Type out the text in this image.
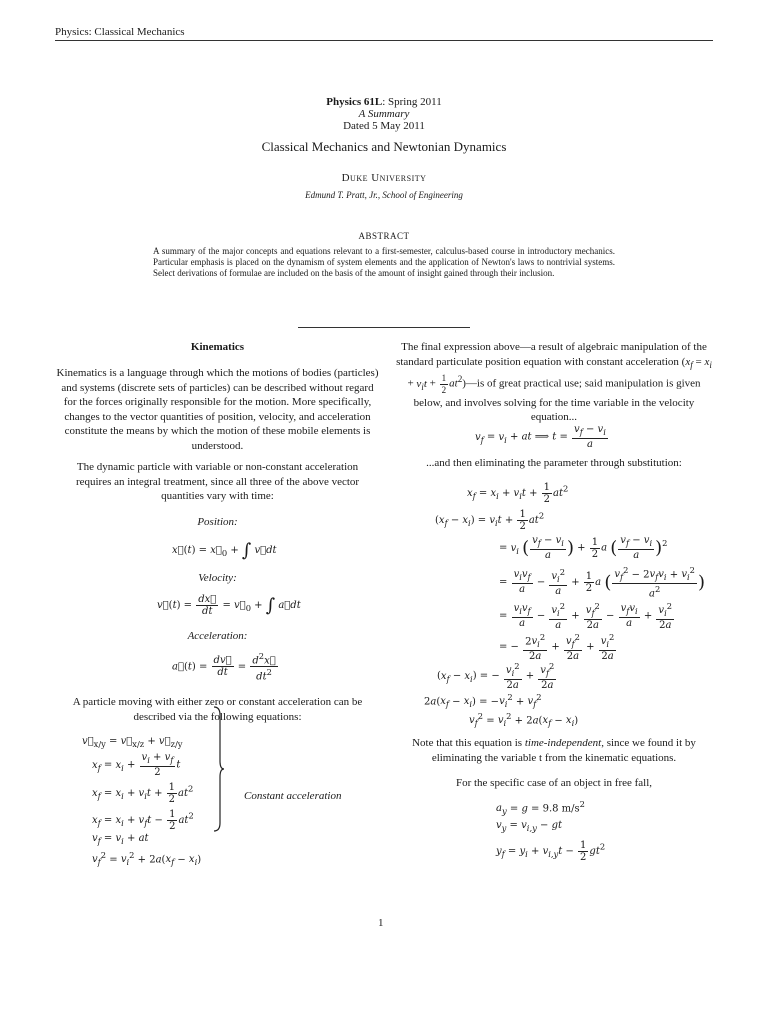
Physics: Classical Mechanics
Physics 61L: Spring 2011
A Summary
Dated 5 May 2011
Classical Mechanics and Newtonian Dynamics
Duke University
Edmund T. Pratt, Jr., School of Engineering
ABSTRACT
A summary of the major concepts and equations relevant to a first-semester, calculus-based course in introductory mechanics. Particular emphasis is placed on the dynamism of system elements and the application of Newton's laws to nontrivial systems. Select derivations of formulae are included on the basis of the amount of insight gained through their inclusion.
Kinematics
Kinematics is a language through which the motions of bodies (particles) and systems (discrete sets of particles) can be described without regard for the forces originally responsible for the motion. More specifically, changes to the vector quantities of position, velocity, and acceleration constitute the means by which the motion of these mobile elements is understood.
The dynamic particle with variable or non-constant acceleration requires an integral treatment, since all three of the above vector quantities vary with time:
Position:
x⃗(t) = $x⃗_0$ + ∫ v⃗dt
Velocity:
v⃗(t) = $\frac{dx⃗}{dt}$ = $v⃗_0$ + ∫ a⃗dt
Acceleration:
a⃗(t) = $\frac{dv⃗}{dt} = \frac{d^2x⃗}{dt^2}$
A particle moving with either zero or constant acceleration can be described via the following equations:
$v⃗_{x/y}$ = $v⃗_{x/z}$ + $v⃗_{z/y}$
$x_f = x_i + \frac{v_i + v_f}{2}$ t
$x_f = x_i + v_it + \frac{1}{2} at^2$
$x_f = x_i + v_ft - \frac{1}{2} at^2$
$v_f = v_i$ + at
$v_f^2 = v_i^2 + 2a(x_f - x_i)$
Constant acceleration
The final expression above—a result of algebraic manipulation of the standard particulate position equation with constant acceleration ($x_f = x_i + v_it + \frac{1}{2}$ $at^2)—is$ of great practical use; said manipulation is given below, and involves solving for the time variable in the velocity equation...
$v_f = v_i$ + at ⟹ $t = \frac{v_f - v_i}{a}$
...and then eliminating the parameter through substitution:
$x_f = x_i + v_it + \frac{1}{2} at^2$
$(x_f - x_i) = v_it + \frac{1}{2} at^2$
= $v_i$ ( $\frac{v_f - v_i}{a}$ ) + $\frac{1}{2}$ a ( $\frac{v_f - v_i}{a} )^2$
= $\frac{v_iv_f}{a} - \frac{v_i^2}{a} + \frac{1}{2}$ a ( $\frac{v_f^2 - 2v_fv_i + v_i^2}{a^2}$ )
= $\frac{v_iv_f}{a} - \frac{v_i^2}{a} + \frac{v_f^2}{2a} - \frac{v_fv_i}{a} + \frac{v_i^2}{2a}$
= − $\frac{2v_i^2}{2a} + \frac{v_f^2}{2a} + \frac{v_i^2}{2a}$
$(x_f - x_i)$ = − $\frac{v_i^2}{2a} + \frac{v_f^2}{2a}$
$2a(x_f - x_i) = -v_i^2 + v_f^2$
$v_f^2 = v_i^2 + 2a(x_f - x_i)$
Note that this equation is time-independent, since we found it by eliminating the variable t from the kinematic equations.
For the specific case of an object in free fall,
$a_y = g = 9.8$ $m/s^2$
$v_y = v_{i,y}$ − gt
$y_f = y_i + v_{i,y}t - \frac{1}{2} gt^2$
1
